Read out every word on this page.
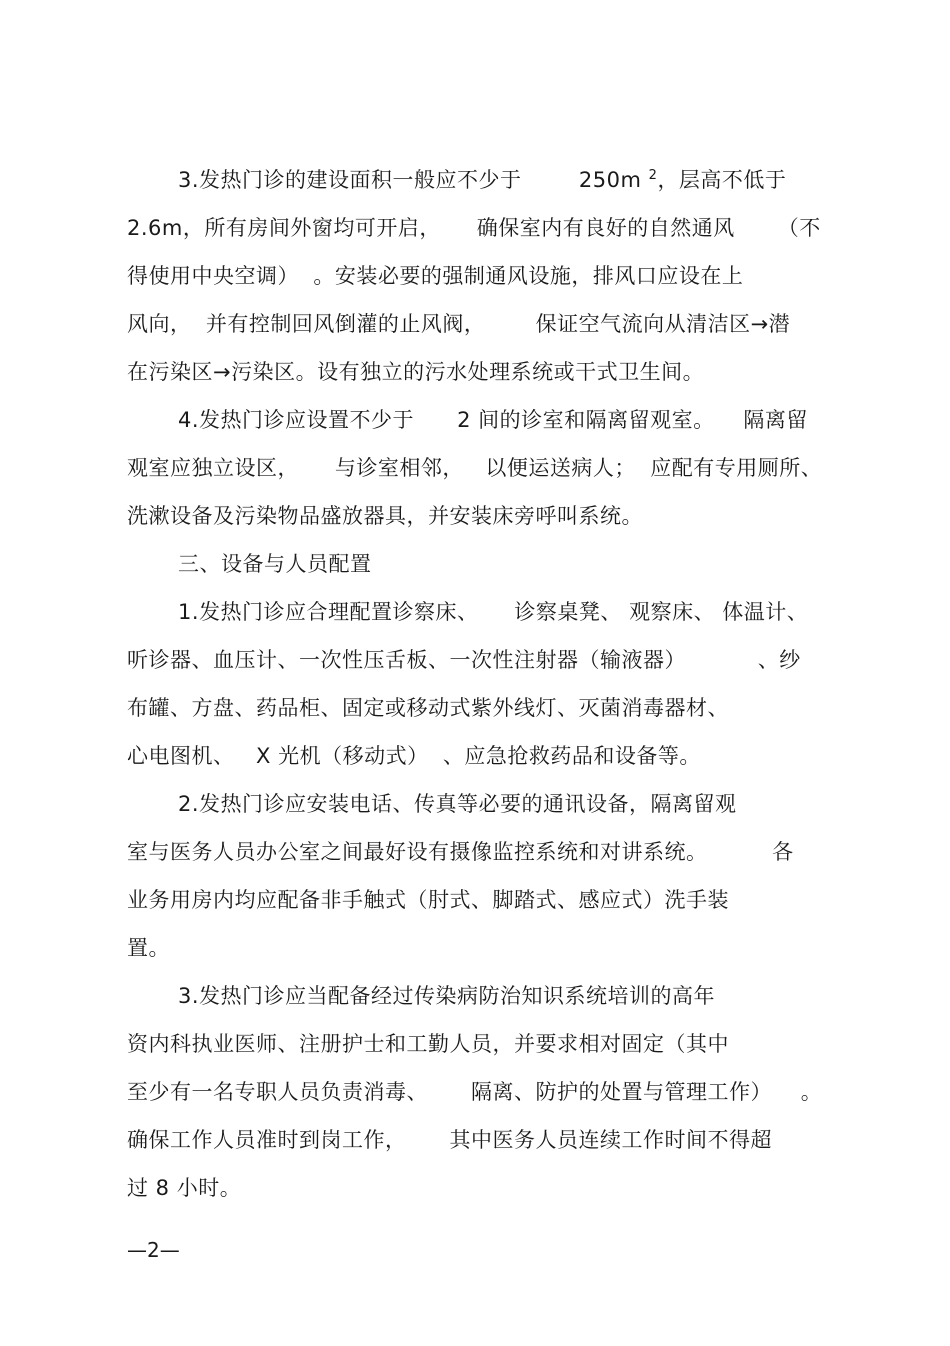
3.发热门诊的建设面积一般应不少于        250m $^2$，层高不低于
2.6m，所有房间外窗均可开启，     确保室内有良好的自然通风      （不
得使用中央空调）  。安装必要的强制通风设施，排风口应设在上
风向，  并有控制回风倒灌的止风阀，       保证空气流向从清洁区→潜
在污染区→污染区。设有独立的污水处理系统或干式卫生间。
4.发热门诊应设置不少于      2 间的诊室和隔离留观室。    隔离留
观室应独立设区，     与诊室相邻，   以便运送病人；  应配有专用厕所、
洗漱设备及污染物品盛放器具，并安装床旁呼叫系统。
三、设备与人员配置
1.发热门诊应合理配置诊察床、     诊察桌凳、 观察床、 体温计、
听诊器、血压计、一次性压舌板、一次性注射器（输液器）          、纱
布罐、方盘、药品柜、固定或移动式紫外线灯、灭菌消毒器材、
心电图机、   X 光机（移动式）  、应急抢救药品和设备等。
2.发热门诊应安装电话、传真等必要的通讯设备，隔离留观
室与医务人员办公室之间最好设有摄像监控系统和对讲系统。         各
业务用房内均应配备非手触式（肘式、脚踏式、感应式）洗手装
置。
3.发热门诊应当配备经过传染病防治知识系统培训的高年
资内科执业医师、注册护士和工勤人员，并要求相对固定（其中
至少有一名专职人员负责消毒、      隔离、防护的处置与管理工作）    。
确保工作人员准时到岗工作，      其中医务人员连续工作时间不得超
过 8 小时。
—2—
